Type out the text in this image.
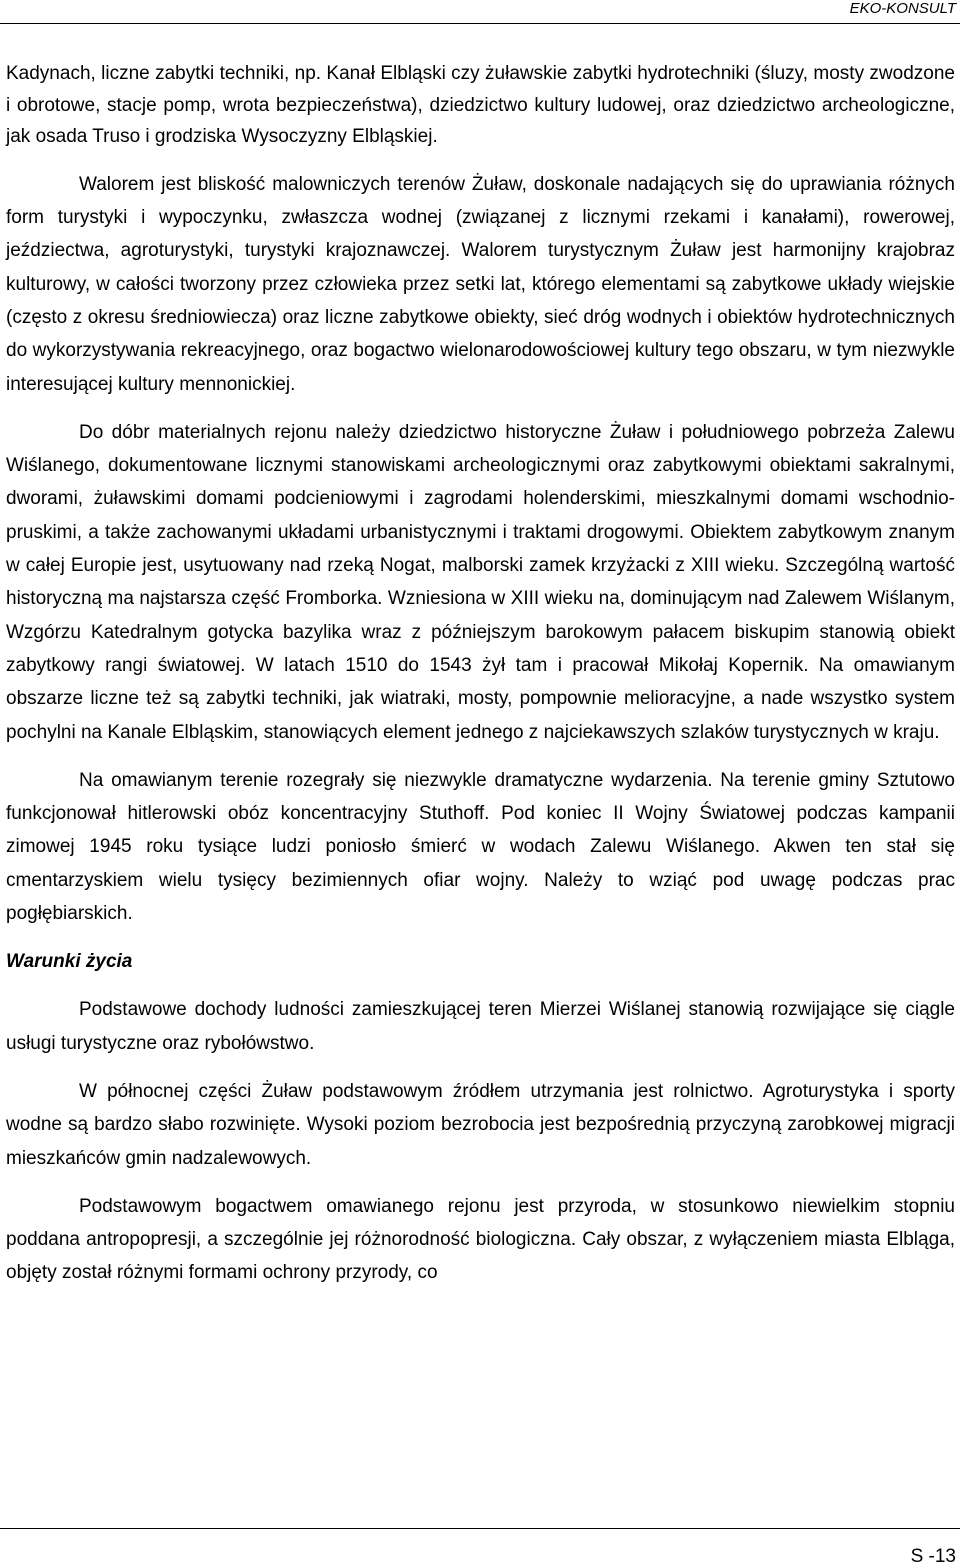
EKO-KONSULT

Kadynach, liczne zabytki techniki, np. Kanał Elbląski czy żuławskie zabytki hydrotechniki (śluzy, mosty zwodzone i obrotowe, stacje pomp, wrota bezpieczeństwa), dziedzictwo kultury ludowej, oraz dziedzictwo archeologiczne, jak osada Truso i grodziska Wysoczyzny Elbląskiej.

Walorem jest bliskość malowniczych terenów Żuław, doskonale nadających się do uprawiania różnych form turystyki i wypoczynku, zwłaszcza wodnej (związanej z licznymi rzekami i kanałami), rowerowej, jeździectwa, agroturystyki, turystyki krajoznawczej. Walorem turystycznym Żuław jest harmonijny krajobraz kulturowy, w całości tworzony przez człowieka przez setki lat, którego elementami są zabytkowe układy wiejskie (często z okresu średniowiecza) oraz liczne zabytkowe obiekty, sieć dróg wodnych i obiektów hydrotechnicznych do wykorzystywania rekreacyjnego, oraz bogactwo wielonarodowościowej kultury tego obszaru, w tym niezwykle interesującej kultury mennonickiej.

Do dóbr materialnych rejonu należy dziedzictwo historyczne Żuław i południowego pobrzeża Zalewu Wiślanego, dokumentowane licznymi stanowiskami archeologicznymi oraz zabytkowymi obiektami sakralnymi, dworami, żuławskimi domami podcieniowymi i zagrodami holenderskimi, mieszkalnymi domami wschodnio-pruskimi, a także zachowanymi układami urbanistycznymi i traktami drogowymi. Obiektem zabytkowym znanym w całej Europie jest, usytuowany nad rzeką Nogat, malborski zamek krzyżacki z XIII wieku. Szczególną wartość historyczną ma najstarsza część Fromborka. Wzniesiona w XIII wieku na, dominującym nad Zalewem Wiślanym, Wzgórzu Katedralnym gotycka bazylika wraz z późniejszym barokowym pałacem biskupim stanowią obiekt zabytkowy rangi światowej. W latach 1510 do 1543 żył tam i pracował Mikołaj Kopernik. Na omawianym obszarze liczne też są zabytki techniki, jak wiatraki, mosty, pompownie melioracyjne, a nade wszystko system pochylni na Kanale Elbląskim, stanowiących element jednego z najciekawszych szlaków turystycznych w kraju.

Na omawianym terenie rozegrały się niezwykle dramatyczne wydarzenia. Na terenie gminy Sztutowo funkcjonował hitlerowski obóz koncentracyjny Stuthoff. Pod koniec II Wojny Światowej podczas kampanii zimowej 1945 roku tysiące ludzi poniosło śmierć w wodach Zalewu Wiślanego. Akwen ten stał się cmentarzyskiem wielu tysięcy bezimiennych ofiar wojny. Należy to wziąć pod uwagę podczas prac pogłębiarskich.

Warunki życia

Podstawowe dochody ludności zamieszkującej teren Mierzei Wiślanej stanowią rozwijające się ciągle usługi turystyczne oraz rybołówstwo.

W północnej części Żuław podstawowym źródłem utrzymania jest rolnictwo. Agroturystyka i sporty wodne są bardzo słabo rozwinięte. Wysoki poziom bezrobocia jest bezpośrednią przyczyną zarobkowej migracji mieszkańców gmin nadzalewowych.

Podstawowym bogactwem omawianego rejonu jest przyroda, w stosunkowo niewielkim stopniu poddana antropopresji, a szczególnie jej różnorodność biologiczna. Cały obszar, z wyłączeniem miasta Elbląga, objęty został różnymi formami ochrony przyrody, co

S -13
